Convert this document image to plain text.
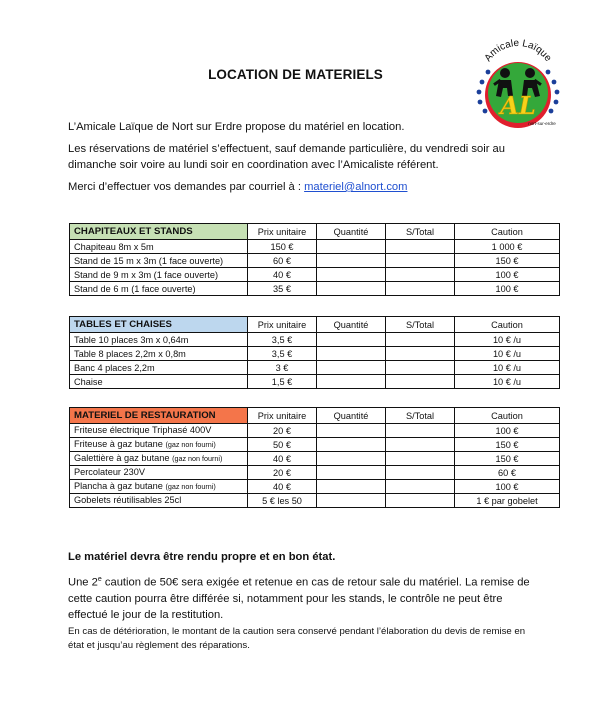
LOCATION DE MATERIELS
Amicale Laïque
AL
nort-sur-erdre
L’Amicale Laïque de Nort sur Erdre propose du matériel en location.
Les réservations de matériel s’effectuent, sauf demande particulière, du vendredi soir au dimanche soir voire au lundi soir en coordination avec l’Amicaliste référent.
Merci d’effectuer vos demandes par courriel à : materiel@alnort.com
CHAPITEAUX ET STANDS	Prix unitaire	Quantité	S/Total	Caution
Chapiteau 8m x 5m	150 €			1 000 €
Stand de 15 m x 3m (1 face ouverte)	60 €			150 €
Stand de 9 m x 3m (1 face ouverte)	40 €			100 €
Stand de 6 m (1 face ouverte)	35 €			100 €
TABLES ET CHAISES	Prix unitaire	Quantité	S/Total	Caution
Table 10 places 3m x 0,64m	3,5 €			10 € /u
Table 8 places 2,2m x 0,8m	3,5 €			10 € /u
Banc 4 places 2,2m	3 €			10 € /u
Chaise	1,5 €			10 € /u
MATERIEL DE RESTAURATION	Prix unitaire	Quantité	S/Total	Caution
Friteuse électrique Triphasé 400V	20 €			100 €
Friteuse à gaz butane (gaz non fourni)	50 €			150 €
Galettière à gaz butane (gaz non fourni)	40 €			150 €
Percolateur 230V	20 €			60 €
Plancha à gaz butane (gaz non fourni)	40 €			100 €
Gobelets réutilisables 25cl	5 € les 50			1 € par gobelet
Le matériel devra être rendu propre et en bon état.
Une 2e caution de 50€ sera exigée et retenue en cas de retour sale du matériel. La remise de cette caution pourra être différée si, notamment pour les stands, le contrôle ne peut être effectué le jour de la restitution.
En cas de détérioration, le montant de la caution sera conservé pendant l’élaboration du devis de remise en état et jusqu’au règlement des réparations.
